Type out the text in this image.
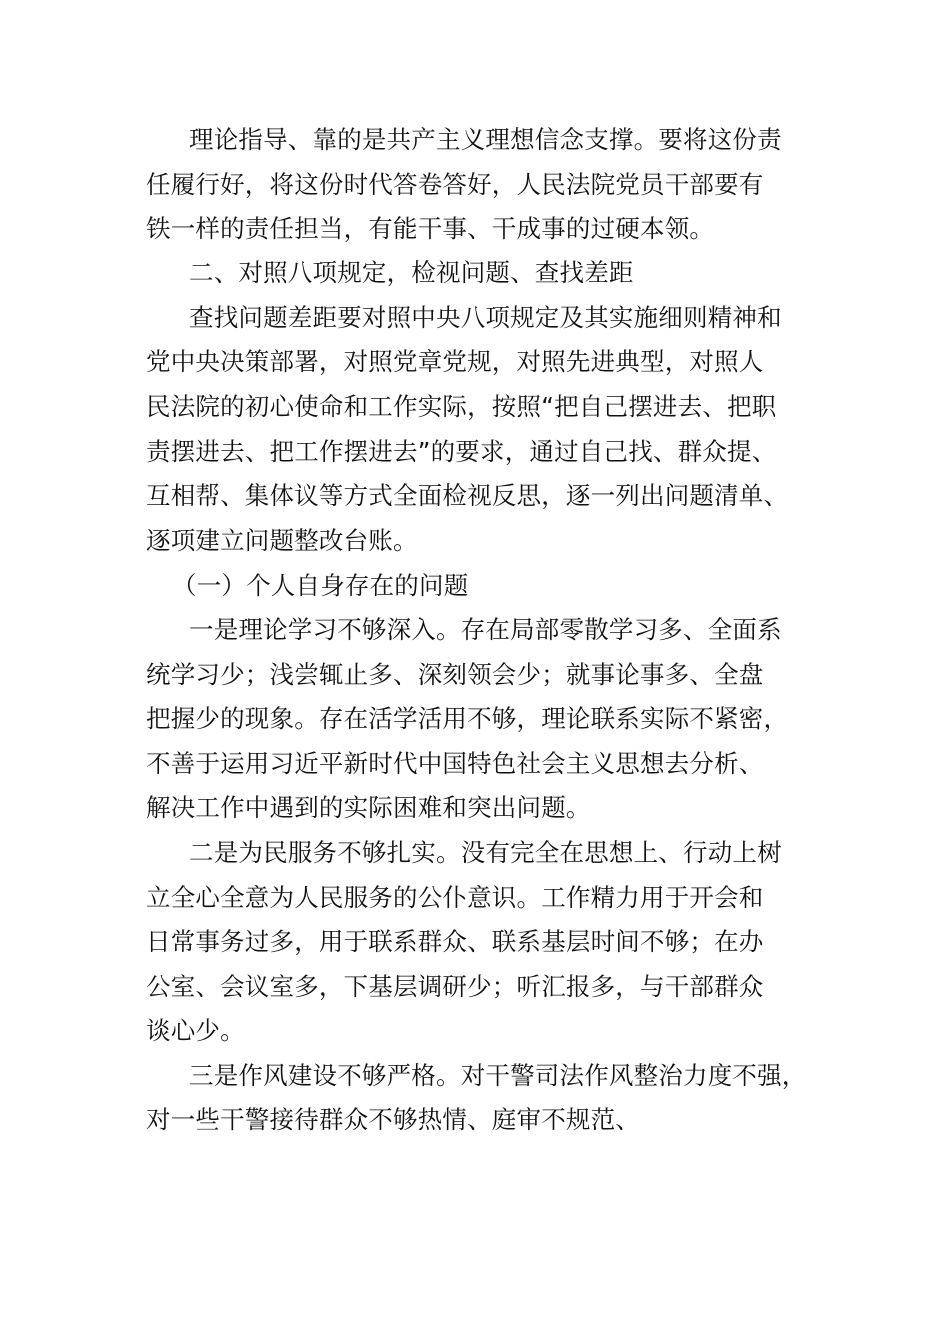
理论指导、靠的是共产主义理想信念支撑。要将这份责
任履行好，将这份时代答卷答好，人民法院党员干部要有
铁一样的责任担当，有能干事、干成事的过硬本领。
二、对照八项规定，检视问题、查找差距
查找问题差距要对照中央八项规定及其实施细则精神和
党中央决策部署，对照党章党规，对照先进典型，对照人
民法院的初心使命和工作实际，按照“把自己摆进去、把职
责摆进去、把工作摆进去”的要求，通过自己找、群众提、
互相帮、集体议等方式全面检视反思，逐一列出问题清单、
逐项建立问题整改台账。
（一）个人自身存在的问题
一是理论学习不够深入。存在局部零散学习多、全面系
统学习少；浅尝辄止多、深刻领会少；就事论事多、全盘
把握少的现象。存在活学活用不够，理论联系实际不紧密，
不善于运用习近平新时代中国特色社会主义思想去分析、
解决工作中遇到的实际困难和突出问题。
二是为民服务不够扎实。没有完全在思想上、行动上树
立全心全意为人民服务的公仆意识。工作精力用于开会和
日常事务过多，用于联系群众、联系基层时间不够；在办
公室、会议室多，下基层调研少；听汇报多，与干部群众
谈心少。
三是作风建设不够严格。对干警司法作风整治力度不强，
对一些干警接待群众不够热情、庭审不规范、
